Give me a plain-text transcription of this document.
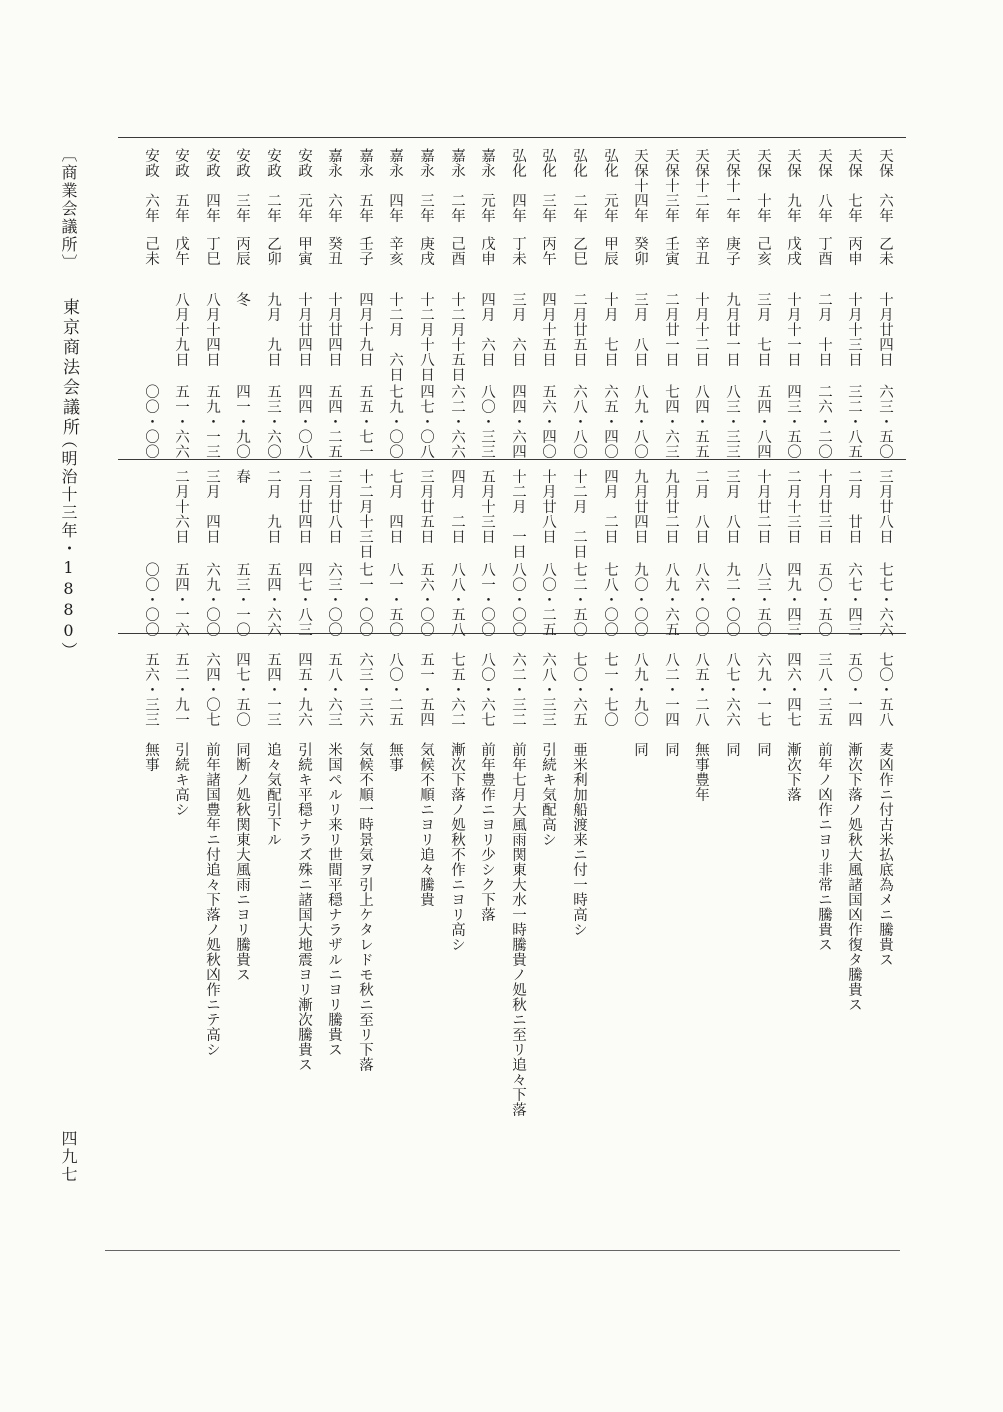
〔商業会議所〕
東京商法会議所
（明治十三年・1880）
四九七
天保　六年
乙未
十月廿四日
六三・五〇
三月廿八日
七七・六六
七〇・五八
麦凶作ニ付古米払底為メニ騰貴ス
天保　七年
丙申
十月十三日
三二・八五
二月　廿日
六七・四三
五〇・一四
漸次下落ノ処秋大風諸国凶作復タ騰貴ス
天保　八年
丁酉
二月　十日
二六・二〇
十月廿三日
五〇・五〇
三八・三五
前年ノ凶作ニヨリ非常ニ騰貴ス
天保　九年
戊戌
十月十一日
四三・五〇
二月十三日
四九・四三
四六・四七
漸次下落
天保　十年
己亥
三月　七日
五四・八四
十月廿二日
八三・五〇
六九・一七
同
天保十一年
庚子
九月廿一日
八三・三三
三月　八日
九二・〇〇
八七・六六
同
天保十二年
辛丑
十月十二日
八四・五五
二月　八日
八六・〇〇
八五・二八
無事豊年
天保十三年
壬寅
二月廿一日
七四・六三
九月廿二日
八九・六五
八二・一四
同
天保十四年
癸卯
三月　八日
八九・八〇
九月廿四日
九〇・〇〇
八九・九〇
同
弘化　元年
甲辰
十月　七日
六五・四〇
四月　二日
七八・〇〇
七一・七〇
弘化　二年
乙巳
二月廿五日
六八・八〇
十二月　二日
七二・五〇
七〇・六五
亜米利加船渡来ニ付一時高シ
弘化　三年
丙午
四月十五日
五六・四〇
十月廿八日
八〇・二五
六八・三三
引続キ気配高シ
弘化　四年
丁未
三月　六日
四四・六四
十二月　一日
八〇・〇〇
六二・三二
前年七月大風雨関東大水一時騰貴ノ処秋ニ至リ追々下落
嘉永　元年
戊申
四月　六日
八〇・三三
五月十三日
八一・〇〇
八〇・六七
前年豊作ニヨリ少シク下落
嘉永　二年
己酉
十二月十五日
六二・六六
四月　二日
八八・五八
七五・六二
漸次下落ノ処秋不作ニヨリ高シ
嘉永　三年
庚戌
十二月十八日
四七・〇八
三月廿五日
五六・〇〇
五一・五四
気候不順ニヨリ追々騰貴
嘉永　四年
辛亥
十二月　六日
七九・〇〇
七月　四日
八一・五〇
八〇・二五
無事
嘉永　五年
壬子
四月十九日
五五・七一
十二月十三日
七一・〇〇
六三・三六
気候不順一時景気ヲ引上ケタレドモ秋ニ至リ下落
嘉永　六年
癸丑
十月廿四日
五四・二五
三月廿八日
六三・〇〇
五八・六三
米国ペルリ来リ世間平穏ナラザルニヨリ騰貴ス
安政　元年
甲寅
十月廿四日
四四・〇八
二月廿四日
四七・八三
四五・九六
引続キ平穏ナラズ殊ニ諸国大地震ヨリ漸次騰貴ス
安政　二年
乙卯
九月　九日
五三・六〇
二月　九日
五四・六六
五四・一三
追々気配引下ル
安政　三年
丙辰
冬
四一・九〇
春
五三・一〇
四七・五〇
同断ノ処秋関東大風雨ニヨリ騰貴ス
安政　四年
丁巳
八月十四日
五九・一三
三月　四日
六九・〇〇
六四・〇七
前年諸国豊年ニ付追々下落ノ処秋凶作ニテ高シ
安政　五年
戊午
八月十九日
五一・六六
二月十六日
五四・一六
五二・九一
引続キ高シ
安政　六年
己未
〇〇・〇〇
〇〇・〇〇
五六・三三
無事
